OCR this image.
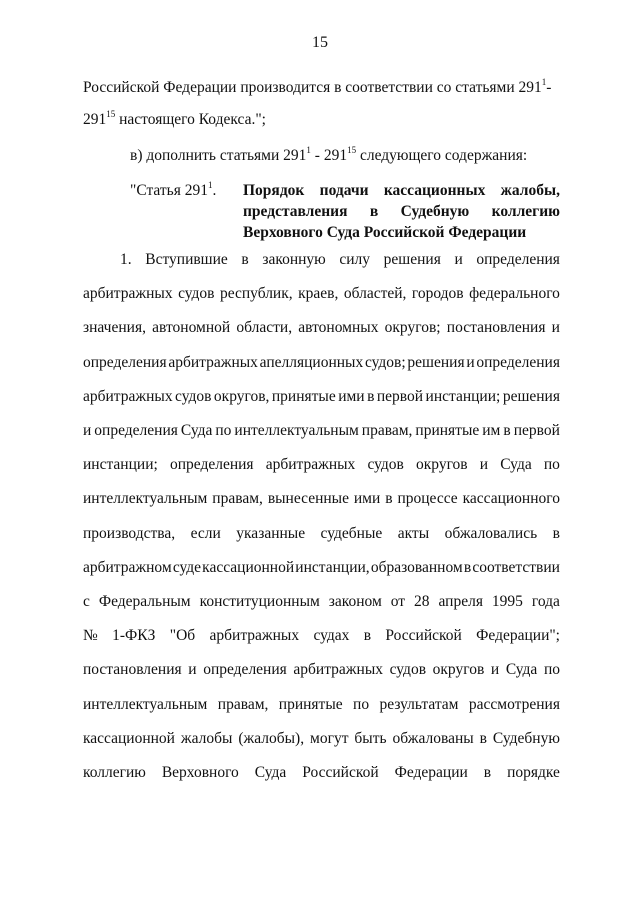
15
Российской Федерации производится в соответствии со статьями $291^1-$
$291^{15}$ настоящего Кодекса.";
в) дополнить статьями $291^1 - 291^{15}$ следующего содержания:
"Статья $291^1$. Порядок подачи кассационных жалобы,
представления в Судебную коллегию
Верховного Суда Российской Федерации
1. Вступившие в законную силу решения и определения
арбитражных судов республик, краев, областей, городов федерального
значения, автономной области, автономных округов; постановления и
определения арбитражных апелляционных судов; решения и определения
арбитражных судов округов, принятые ими в первой инстанции; решения
и определения Суда по интеллектуальным правам, принятые им в первой
инстанции; определения арбитражных судов округов и Суда по
интеллектуальным правам, вынесенные ими в процессе кассационного
производства, если указанные судебные акты обжаловались в
арбитражном суде кассационной инстанции, образованном в соответствии
с Федеральным конституционным законом от 28 апреля 1995 года
№ 1-ФКЗ "Об арбитражных судах в Российской Федерации";
постановления и определения арбитражных судов округов и Суда по
интеллектуальным правам, принятые по результатам рассмотрения
кассационной жалобы (жалобы), могут быть обжалованы в Судебную
коллегию Верховного Суда Российской Федерации в порядке
